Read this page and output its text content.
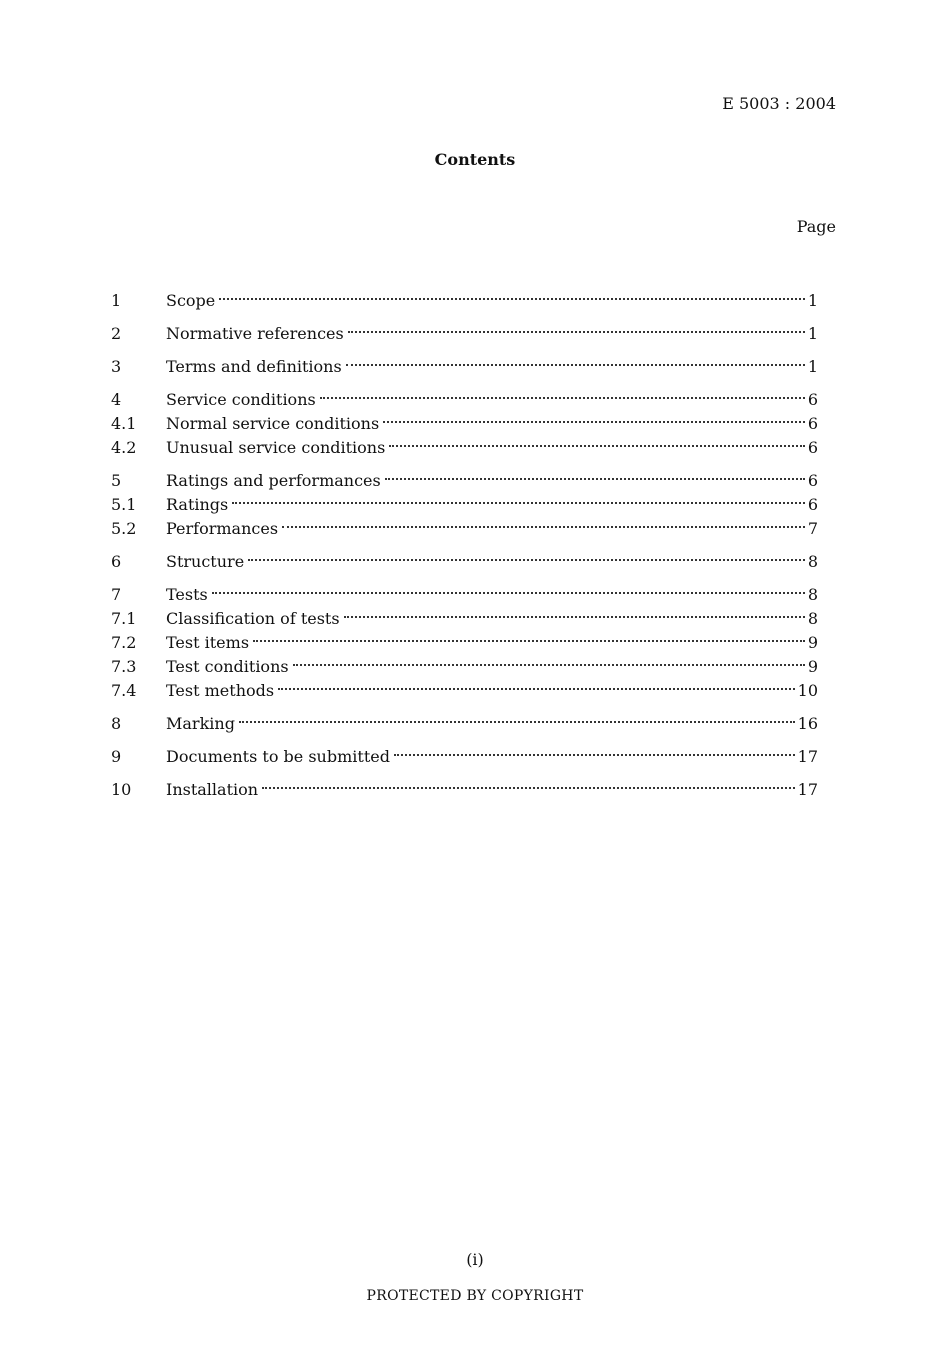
E 5003 : 2004
Contents
Page
1	Scope	1
2	Normative references	1
3	Terms and definitions	1
4	Service conditions	6
4.1	Normal service conditions	6
4.2	Unusual service conditions	6
5	Ratings and performances	6
5.1	Ratings	6
5.2	Performances	7
6	Structure	8
7	Tests	8
7.1	Classification of tests	8
7.2	Test items	9
7.3	Test conditions	9
7.4	Test methods	10
8	Marking	16
9	Documents to be submitted	17
10	Installation	17
(i)
PROTECTED BY COPYRIGHT
